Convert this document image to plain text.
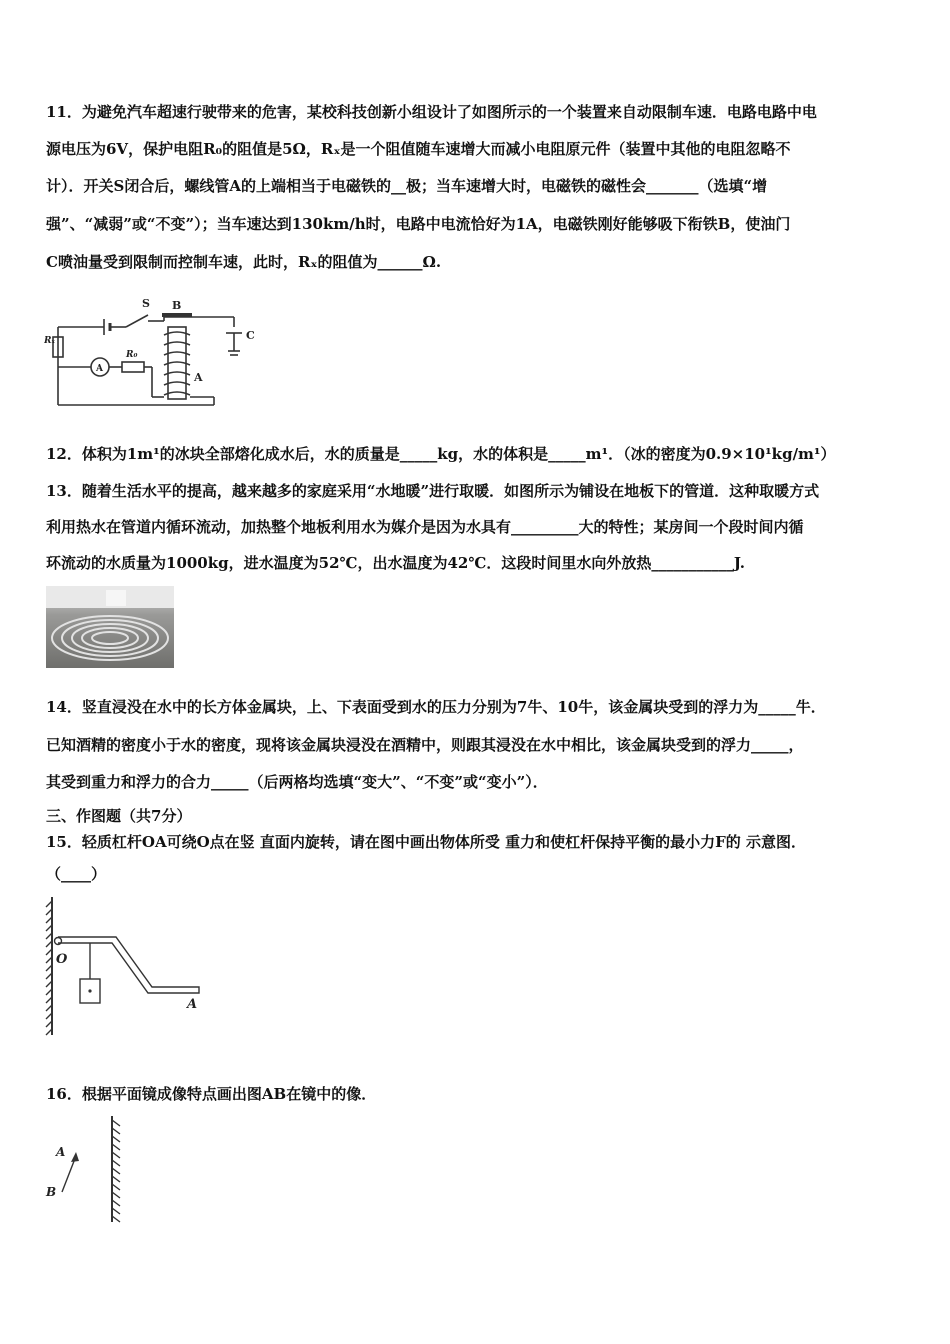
11．为避免汽车超速行驶带来的危害，某校科技创新小组设计了如图所示的一个装置来自动限制车速．电路电路中电
源电压为6V，保护电阻R₀的阻值是5Ω，Rₓ是一个阻值随车速增大而减小电阻原元件（装置中其他的电阻忽略不
计）．开关S闭合后，螺线管A的上端相当于电磁铁的__极；当车速增大时，电磁铁的磁性会_______（选填“增
强”、“减弱”或“不变”）；当车速达到130km/h时，电路中电流恰好为1A，电磁铁刚好能够吸下衔铁B，使油门
C喷油量受到限制而控制车速，此时，Rₓ的阻值为______Ω.
S B
C
A
A
Rₓ
R₀
12．体积为1m¹的冰块全部熔化成水后，水的质量是_____kg，水的体积是_____m¹．（冰的密度为0.9×10¹kg/m¹）
13．随着生活水平的提高，越来越多的家庭采用“水地暖”进行取暖．如图所示为铺设在地板下的管道．这种取暖方式
利用热水在管道内循环流动，加热整个地板利用水为媒介是因为水具有_________大的特性；某房间一个段时间内循
环流动的水质量为1000kg，进水温度为52℃，出水温度为42℃．这段时间里水向外放热___________J.
14．竖直浸没在水中的长方体金属块，上、下表面受到水的压力分别为7牛、10牛，该金属块受到的浮力为_____牛．
已知酒精的密度小于水的密度，现将该金属块浸没在酒精中，则跟其浸没在水中相比，该金属块受到的浮力_____，
其受到重力和浮力的合力_____（后两格均选填“变大”、“不变”或“变小”）．
三、作图题（共7分）
15．轻质杠杆OA可绕O点在竖 直面内旋转，请在图中画出物体所受 重力和使杠杆保持平衡的最小力F的 示意图．
（____）
O
A
16．根据平面镜成像特点画出图AB在镜中的像．
A
B
